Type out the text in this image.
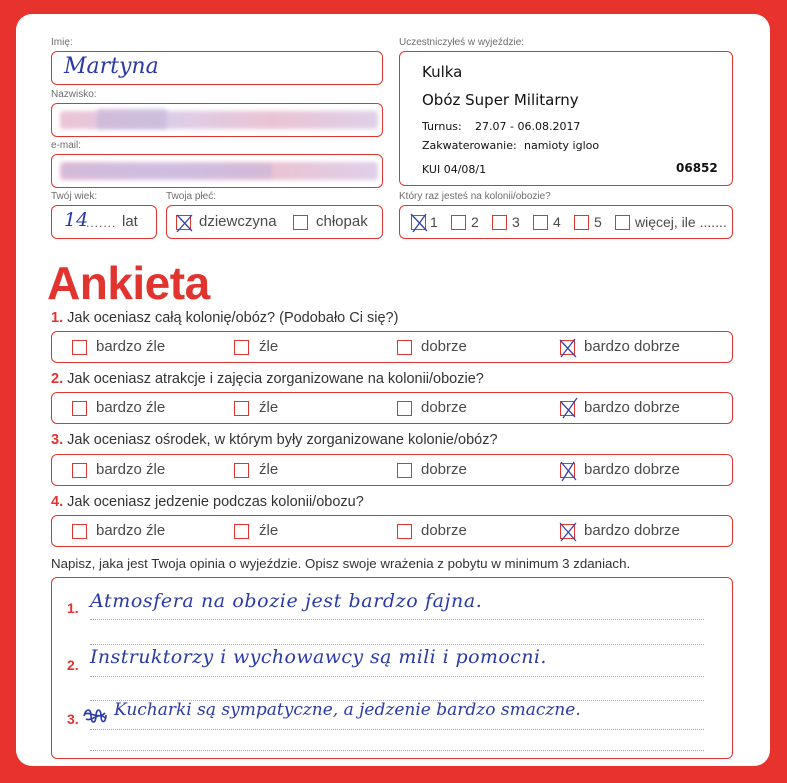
Imię:
Martyna
Nazwisko:
e-mail:
Twój wiek:
14
....... lat
Twoja płeć:
dziewczyna	chłopak
Uczestniczyłeś w wyjeździe:
Kulka
Obóz Super Militarny
Turnus: 27.07 - 06.08.2017
Zakwaterowanie: namioty igloo
KUI 04/08/1	06852
Który raz jesteś na kolonii/obozie?
1 2 3 4 5 więcej, ile .......
Ankieta
1. Jak oceniasz całą kolonię/obóz? (Podobało Ci się?)
bardzo źle	źle	dobrze	bardzo dobrze
2. Jak oceniasz atrakcje i zajęcia zorganizowane na kolonii/obozie?
bardzo źle	źle	dobrze	bardzo dobrze
3. Jak oceniasz ośrodek, w którym były zorganizowane kolonie/obóz?
bardzo źle	źle	dobrze	bardzo dobrze
4. Jak oceniasz jedzenie podczas kolonii/obozu?
bardzo źle	źle	dobrze	bardzo dobrze
Napisz, jaka jest Twoja opinia o wyjeździe. Opisz swoje wrażenia z pobytu w minimum 3 zdaniach.
1. Atmosfera na obozie jest bardzo fajna.
2. Instruktorzy i wychowawcy są mili i pomocni.
3. Kucharki są sympatyczne, a jedzenie bardzo smaczne.
